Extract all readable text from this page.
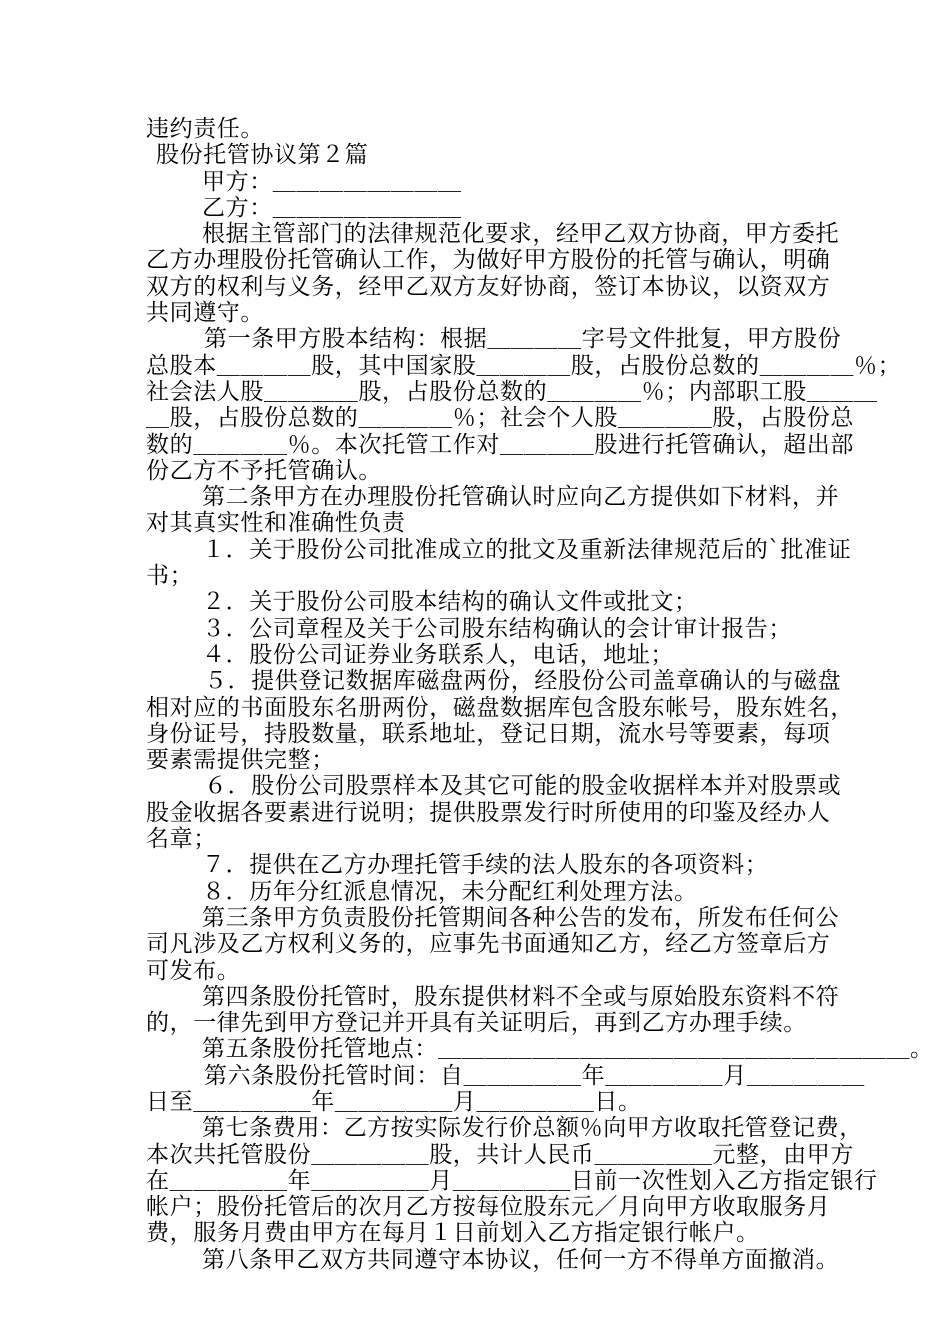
违约责任。
股份托管协议第２篇
甲方：＿＿＿＿＿＿＿＿
乙方：＿＿＿＿＿＿＿＿
根据主管部门的法律规范化要求，经甲乙双方协商，甲方委托
乙方办理股份托管确认工作，为做好甲方股份的托管与确认，明确
双方的权利与义务，经甲乙双方友好协商，签订本协议，以资双方
共同遵守。
第一条甲方股本结构：根据＿＿＿＿字号文件批复，甲方股份
总股本＿＿＿＿股，其中国家股＿＿＿＿股，占股份总数的＿＿＿＿％；
社会法人股＿＿＿＿股，占股份总数的＿＿＿＿％；内部职工股＿＿＿
＿股，占股份总数的＿＿＿＿％；社会个人股＿＿＿＿股，占股份总
数的＿＿＿＿％。本次托管工作对＿＿＿＿股进行托管确认，超出部
份乙方不予托管确认。
第二条甲方在办理股份托管确认时应向乙方提供如下材料，并
对其真实性和准确性负责
１．关于股份公司批准成立的批文及重新法律规范后的`批准证
书；
２．关于股份公司股本结构的确认文件或批文；
３．公司章程及关于公司股东结构确认的会计审计报告；
４．股份公司证券业务联系人，电话，地址；
５．提供登记数据库磁盘两份，经股份公司盖章确认的与磁盘
相对应的书面股东名册两份，磁盘数据库包含股东帐号，股东姓名，
身份证号，持股数量，联系地址，登记日期，流水号等要素，每项
要素需提供完整；
６．股份公司股票样本及其它可能的股金收据样本并对股票或
股金收据各要素进行说明；提供股票发行时所使用的印鉴及经办人
名章；
７．提供在乙方办理托管手续的法人股东的各项资料；
８．历年分红派息情况，未分配红利处理方法。
第三条甲方负责股份托管期间各种公告的发布，所发布任何公
司凡涉及乙方权利义务的，应事先书面通知乙方，经乙方签章后方
可发布。
第四条股份托管时，股东提供材料不全或与原始股东资料不符
的，一律先到甲方登记并开具有关证明后，再到乙方办理手续。
第五条股份托管地点：＿＿＿＿＿＿＿＿＿＿＿＿＿＿＿＿＿＿＿＿。
第六条股份托管时间：自＿＿＿＿＿年＿＿＿＿＿月＿＿＿＿＿
日至＿＿＿＿＿年＿＿＿＿＿月＿＿＿＿＿日。
第七条费用：乙方按实际发行价总额％向甲方收取托管登记费，
本次共托管股份＿＿＿＿＿股，共计人民币＿＿＿＿＿元整，由甲方
在＿＿＿＿＿年＿＿＿＿＿月＿＿＿＿＿日前一次性划入乙方指定银行
帐户；股份托管后的次月乙方按每位股东元／月向甲方收取服务月
费，服务月费由甲方在每月１日前划入乙方指定银行帐户。
第八条甲乙双方共同遵守本协议，任何一方不得单方面撤消。
